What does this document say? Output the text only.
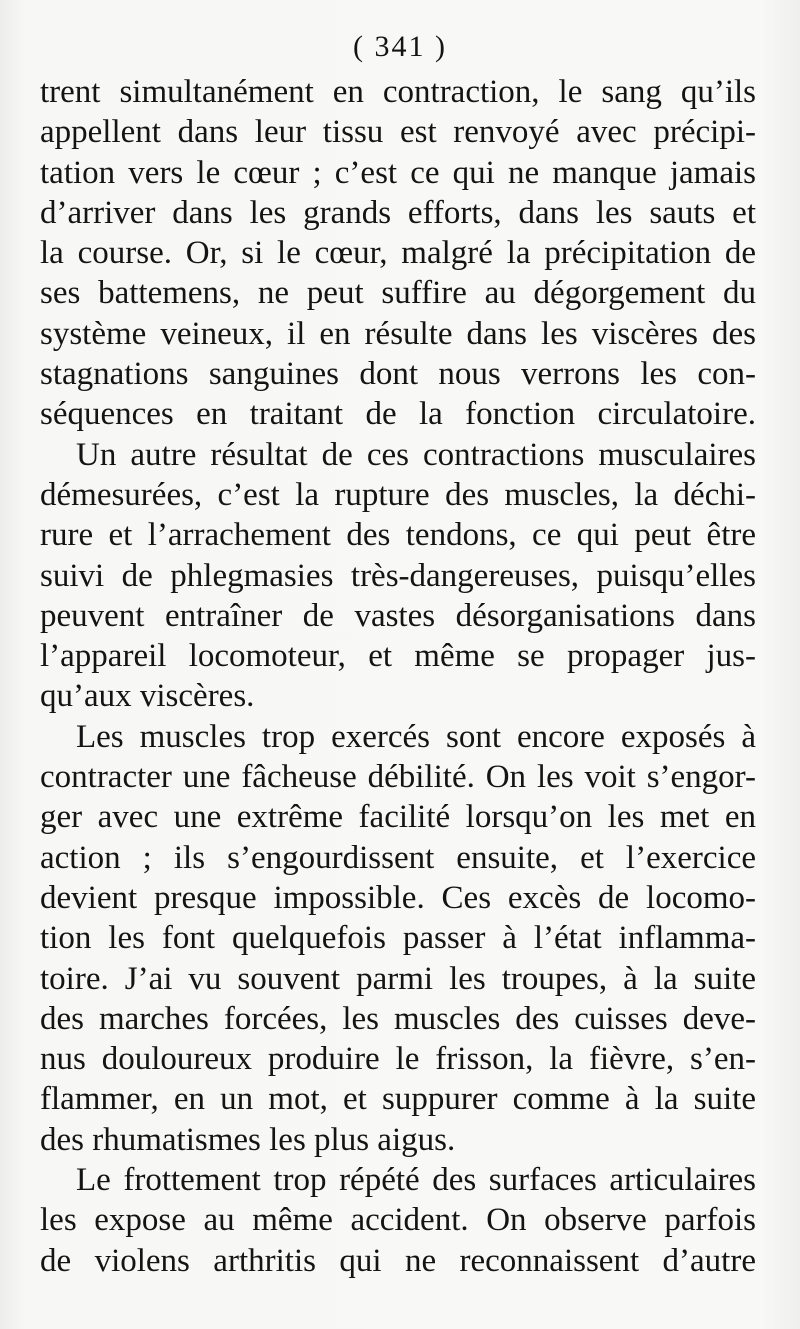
( 341 )
trent simultanément en contraction, le sang qu’ils
appellent dans leur tissu est renvoyé avec précipi-
tation vers le cœur ; c’est ce qui ne manque jamais
d’arriver dans les grands efforts, dans les sauts et
la course. Or, si le cœur, malgré la précipitation de
ses battemens, ne peut suffire au dégorgement du
système veineux, il en résulte dans les viscères des
stagnations sanguines dont nous verrons les con-
séquences en traitant de la fonction circulatoire.
Un autre résultat de ces contractions musculaires
démesurées, c’est la rupture des muscles, la déchi-
rure et l’arrachement des tendons, ce qui peut être
suivi de phlegmasies très-dangereuses, puisqu’elles
peuvent entraîner de vastes désorganisations dans
l’appareil locomoteur, et même se propager jus-
qu’aux viscères.
Les muscles trop exercés sont encore exposés à
contracter une fâcheuse débilité. On les voit s’engor-
ger avec une extrême facilité lorsqu’on les met en
action ; ils s’engourdissent ensuite, et l’exercice
devient presque impossible. Ces excès de locomo-
tion les font quelquefois passer à l’état inflamma-
toire. J’ai vu souvent parmi les troupes, à la suite
des marches forcées, les muscles des cuisses deve-
nus douloureux produire le frisson, la fièvre, s’en-
flammer, en un mot, et suppurer comme à la suite
des rhumatismes les plus aigus.
Le frottement trop répété des surfaces articulaires
les expose au même accident. On observe parfois
de violens arthritis qui ne reconnaissent d’autre
